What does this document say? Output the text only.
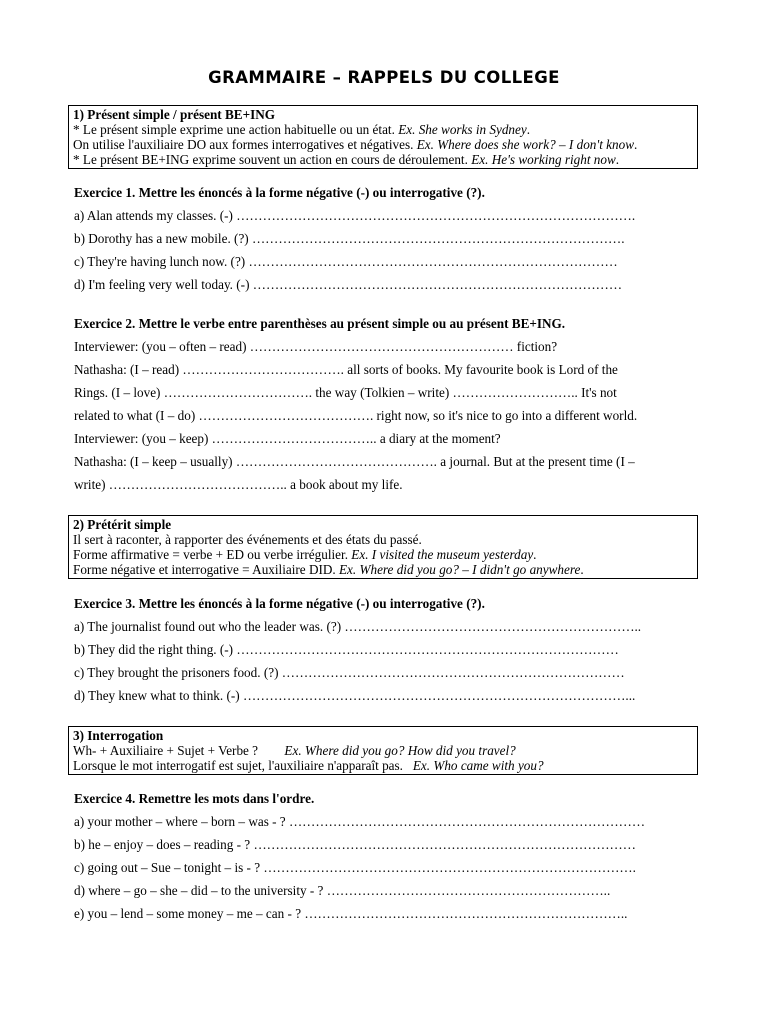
GRAMMAIRE – RAPPELS DU COLLEGE
1) Présent simple / présent BE+ING
* Le présent simple exprime une action habituelle ou un état. Ex. She works in Sydney.
On utilise l'auxiliaire DO aux formes interrogatives et négatives. Ex. Where does she work? – I don't know.
* Le présent BE+ING exprime souvent un action en cours de déroulement. Ex. He's working right now.
Exercice 1. Mettre les énoncés à la forme négative (-) ou interrogative (?).
a) Alan attends my classes. (-) ……………………………………………………………………………….
b) Dorothy has a new mobile. (?) ………………………………………………………………………….
c) They're having lunch now. (?) …………………………………………………………………………
d) I'm feeling very well today. (-) …………………………………………………………………………
Exercice 2. Mettre le verbe entre parenthèses au présent simple ou au présent BE+ING.
Interviewer: (you – often – read) …………………………………………………… fiction?
Nathasha: (I – read) ………………………………. all sorts of books. My favourite book is Lord of the
Rings. (I – love) ……………………………. the way (Tolkien – write) ……………………….. It's not
related to what (I – do) …………………………………. right now, so it's nice to go into a different world.
Interviewer: (you – keep) ……………………………….. a diary at the moment?
Nathasha: (I – keep – usually) ………………………………………. a journal. But at the present time (I –
write) ………………………………….. a book about my life.
2) Prétérit simple
Il sert à raconter, à rapporter des événements et des états du passé.
Forme affirmative = verbe + ED ou verbe irrégulier. Ex. I visited the museum yesterday.
Forme négative et interrogative = Auxiliaire DID. Ex. Where did you go? – I didn't go anywhere.
Exercice 3. Mettre les énoncés à la forme négative (-) ou interrogative (?).
a) The journalist found out who the leader was. (?) …………………………………………………………..
b) They did the right thing. (-) ……………………………………………………………………………
c) They brought the prisoners food. (?) ……………………………………………………………………
d) They knew what to think. (-) ……………………………………………………………………………...
3) Interrogation
Wh- + Auxiliaire + Sujet + Verbe ?        Ex. Where did you go? How did you travel?
Lorsque le mot interrogatif est sujet, l'auxiliaire n'apparaît pas.   Ex. Who came with you?
Exercice 4. Remettre les mots dans l'ordre.
a) your mother – where – born – was - ? ………………………………………………………………………
b) he – enjoy – does – reading - ? ……………………………………………………………………………
c) going out – Sue – tonight – is - ? ………………………………………………………………………….
d) where – go – she – did – to the university - ? ………………………………………………………..
e) you – lend – some money – me – can - ? ………………………………………………………………..
